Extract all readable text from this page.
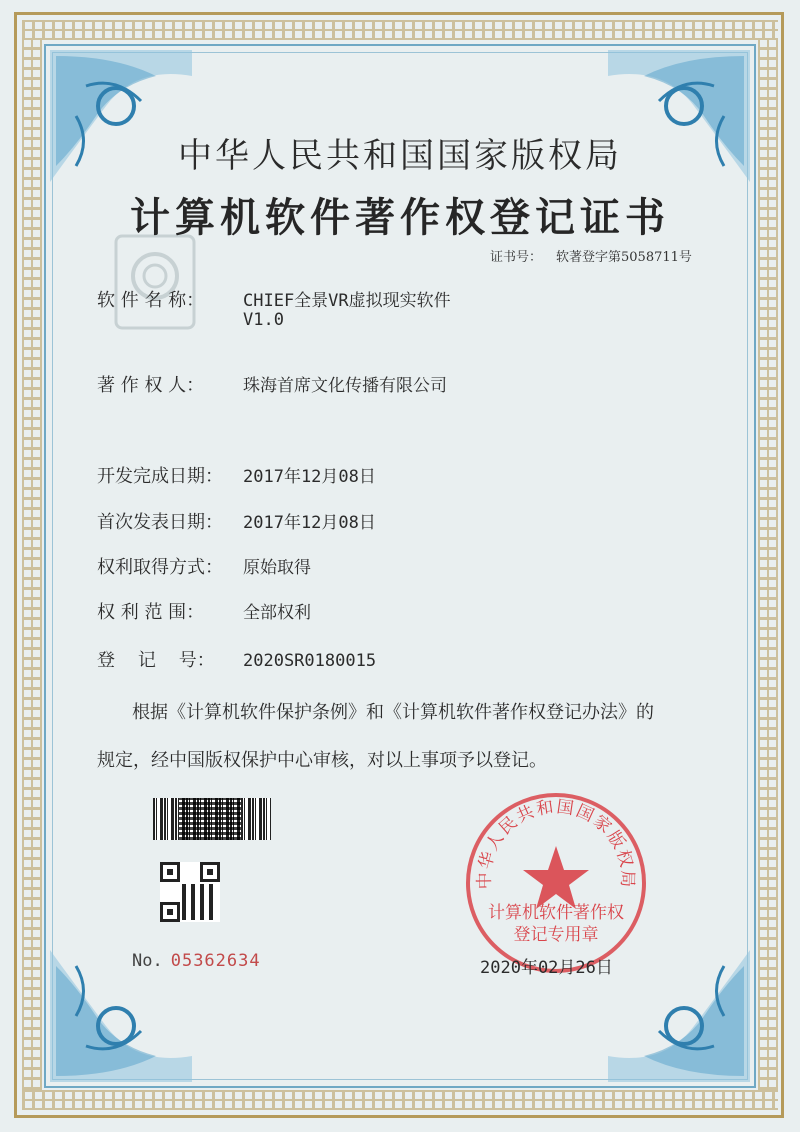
中华人民共和国国家版权局
计算机软件著作权登记证书
证书号： 软著登字第5058711号
软 件 名 称： CHIEF全景VR虚拟现实软件
V1.0
著 作 权 人： 珠海首席文化传播有限公司
开发完成日期： 2017年12月08日
首次发表日期： 2017年12月08日
权利取得方式： 原始取得
权 利 范 围： 全部权利
登    记    号： 2020SR0180015
根据《计算机软件保护条例》和《计算机软件著作权登记办法》的
规定，经中国版权保护中心审核，对以上事项予以登记。
No. 05362634
中华人民共和国国家版权局
计算机软件著作权
登记专用章
2020年02月26日
